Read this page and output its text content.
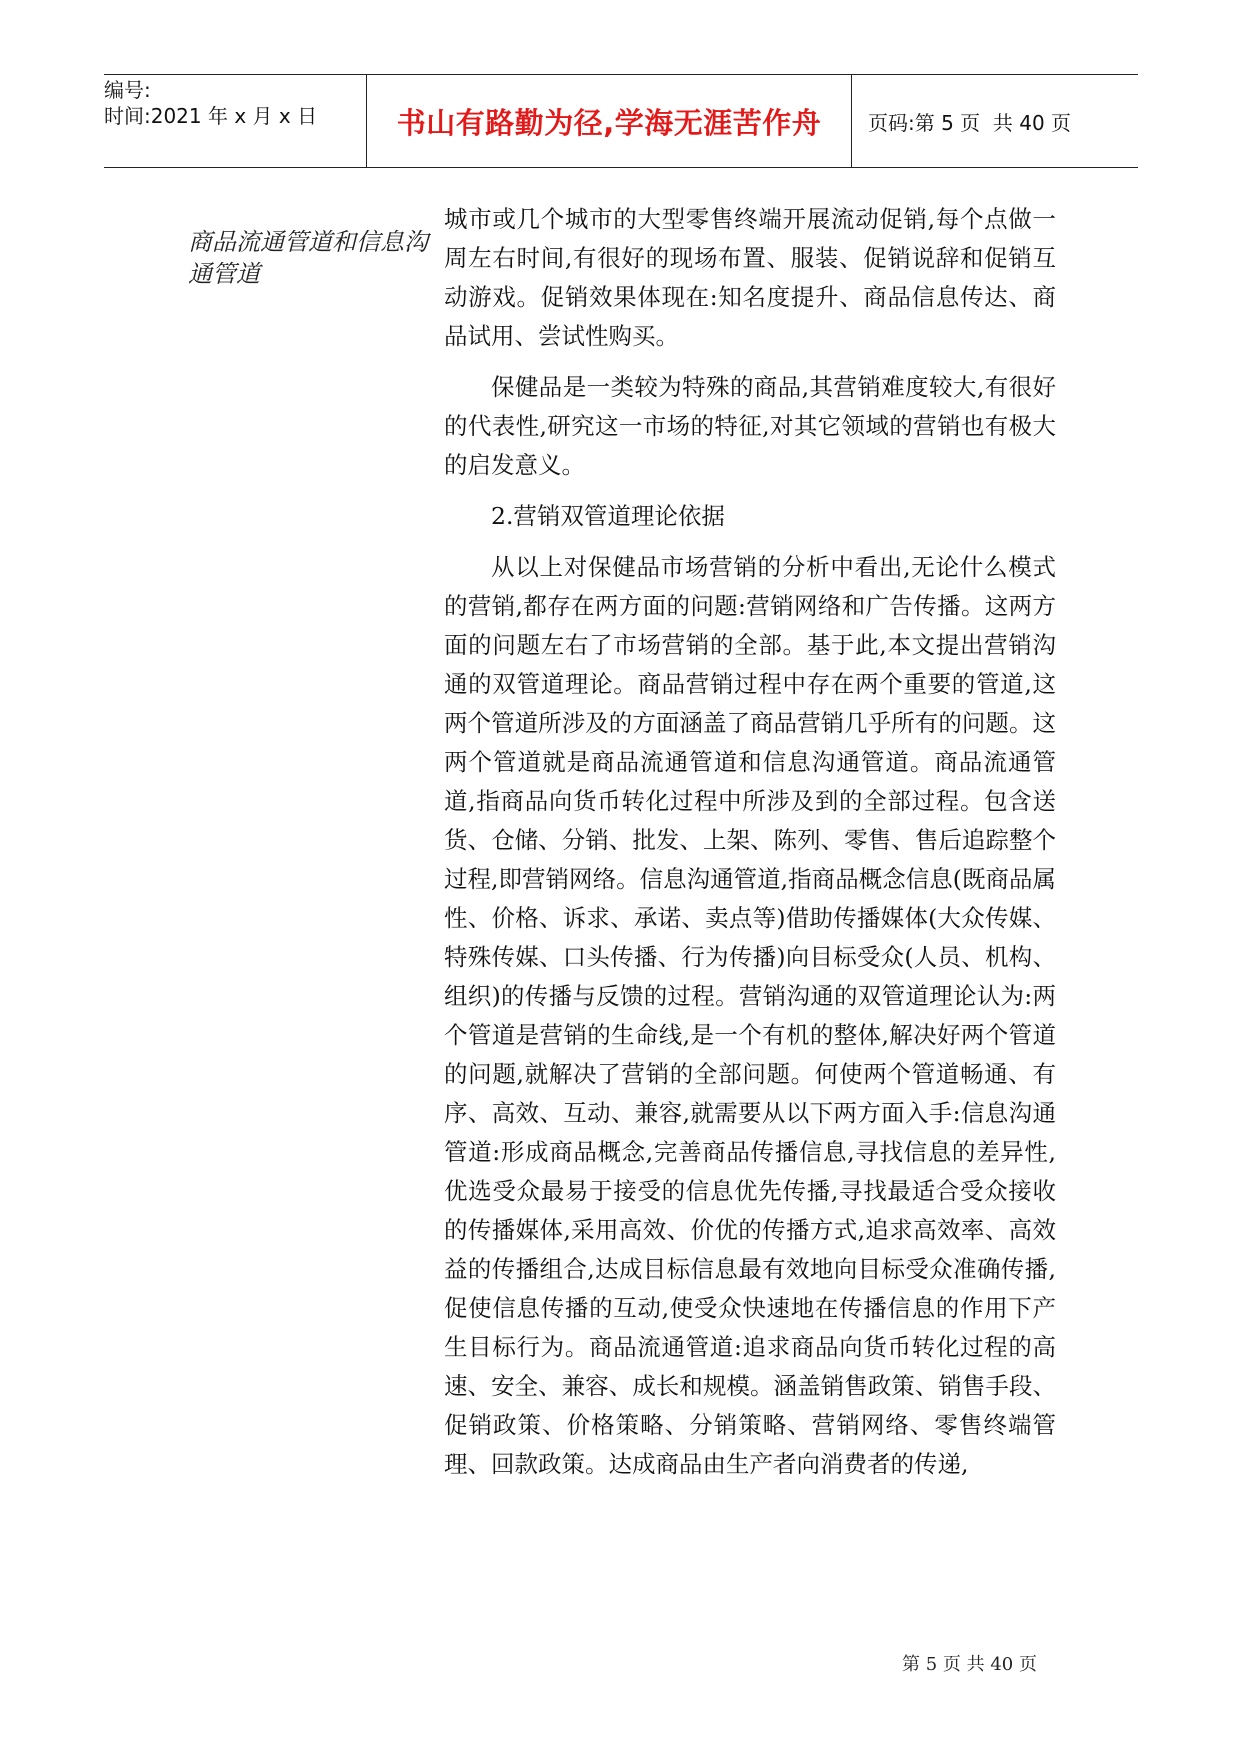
编号:
时间:2021 年 x 月 x 日	书山有路勤为径,学海无涯苦作舟 页码:第 5 页  共 40 页
商品流通管道和信息沟通管道

城市或几个城市的大型零售终端开展流动促销,每个点做一周左右时间,有很好的现场布置、服装、促销说辞和促销互动游戏。促销效果体现在:知名度提升、商品信息传达、商品试用、尝试性购买。

保健品是一类较为特殊的商品,其营销难度较大,有很好的代表性,研究这一市场的特征,对其它领域的营销也有极大的启发意义。

2.营销双管道理论依据

从以上对保健品市场营销的分析中看出,无论什么模式的营销,都存在两方面的问题:营销网络和广告传播。这两方面的问题左右了市场营销的全部。基于此,本文提出营销沟通的双管道理论。商品营销过程中存在两个重要的管道,这两个管道所涉及的方面涵盖了商品营销几乎所有的问题。这两个管道就是商品流通管道和信息沟通管道。商品流通管道,指商品向货币转化过程中所涉及到的全部过程。包含送货、仓储、分销、批发、上架、陈列、零售、售后追踪整个过程,即营销网络。信息沟通管道,指商品概念信息(既商品属性、价格、诉求、承诺、卖点等)借助传播媒体(大众传媒、特殊传媒、口头传播、行为传播)向目标受众(人员、机构、组织)的传播与反馈的过程。营销沟通的双管道理论认为:两个管道是营销的生命线,是一个有机的整体,解决好两个管道的问题,就解决了营销的全部问题。何使两个管道畅通、有序、高效、互动、兼容,就需要从以下两方面入手:信息沟通管道:形成商品概念,完善商品传播信息,寻找信息的差异性,优选受众最易于接受的信息优先传播,寻找最适合受众接收的传播媒体,采用高效、价优的传播方式,追求高效率、高效益的传播组合,达成目标信息最有效地向目标受众准确传播,促使信息传播的互动,使受众快速地在传播信息的作用下产生目标行为。商品流通管道:追求商品向货币转化过程的高速、安全、兼容、成长和规模。涵盖销售政策、销售手段、促销政策、价格策略、分销策略、营销网络、零售终端管理、回款政策。达成商品由生产者向消费者的传递,

第 5 页 共 40 页
